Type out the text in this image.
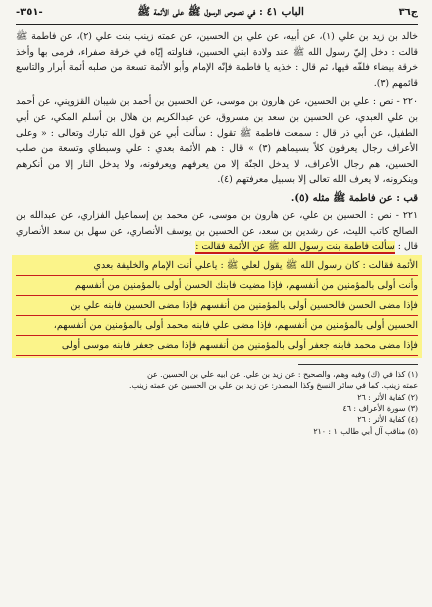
ج٣٦
الباب ٤١ : في نصوص الرسول ﷺ على الأئمة ﷺ
-٣٥١-

خالد بن زيد بن علي (١)، عن أبيه، عن علي بن الحسين، عن عمته زينب بنت علي (٢)، عن فاطمة ﷺ قالت : دخل إليّ رسول الله ﷺ عند ولادة ابني الحسين، فناولته إيّاه في خرقة صفراء، فرمى بها وأخذ خرقة بيضاء فلفّه فيها، ثم قال : خذيه يا فاطمة فإنّه الإمام وأبو الأئمة تسعة من صلبه أئمة أبرار والتاسع قائمهم (٣).

٢٢٠ - نص : علي بن الحسين، عن هارون بن موسى، عن الحسين بن أحمد بن شيبان القزويني، عن أحمد بن علي العبدي، عن الحسين بن سعد بن مسروق، عن عبدالكريم بن هلال بن أسلم المكي، عن أبي الطفيل، عن أبي ذر قال : سمعت فاطمة ﷺ تقول : سألت أبي عن قول الله تبارك وتعالى : « وعلى الأعراف رجال يعرفون كلاً بسيماهم (٣) » قال : هم الأئمة بعدي : علي وسبطاي وتسعة من صلب الحسين، هم رجال الأعراف، لا يدخل الجنّة إلا من يعرفهم ويعرفونه، ولا يدخل النار إلا من أنكرهم وينكرونه، لا يعرف الله تعالى إلا بسبيل معرفتهم (٤).

قب : عن فاطمة ﷺ مثله (٥).

٢٢١ - نص : الحسين بن علي، عن هارون بن موسى، عن محمد بن إسماعيل الفزاري، عن عبدالله بن الصالح كاتب الليث، عن رشدين بن سعد، عن الحسين بن يوسف الأنصاري، عن سهل بن سعد الأنصاري قال : سألت فاطمة بنت رسول الله ﷺ عن الأئمة فقالت :

الأئمة فقالت : كان رسول الله ﷺ يقول لعلي ﷺ : ياعلي أنت الإمام والخليفة بعدي
وأنت أولى بالمؤمنين من أنفسهم، فإذا مضيت فابنك الحسن أولى بالمؤمنين من أنفسهم
فإذا مضى الحسن فالحسين أولى بالمؤمنين من أنفسهم فإذا مضى الحسين فابنه علي بن
الحسين أولى بالمؤمنين من أنفسهم، فإذا مضى علي فابنه محمد أولى بالمؤمنين من أنفسهم،
فإذا مضى محمد فابنه جعفر أولى بالمؤمنين من أنفسهم فإذا مضى جعفر فابنه موسى أولى
(١) كذا في (ك) وفيه وهم، والصحيح : عن زيد بن علي. عن ابيه علي بن الحسين. عن
عمته زينب. كما في سائر النسخ وكذا المصدر: عن زيد بن علي بن الحسين عن عمته زينب.
(٢) كفاية الأثر : ٢٦
(٣) سورة الأعراف : ٤٦
(٤) كفاية الأثر : ٢٦
(٥) مناقب آل أبي طالب ١ : ٢١٠
